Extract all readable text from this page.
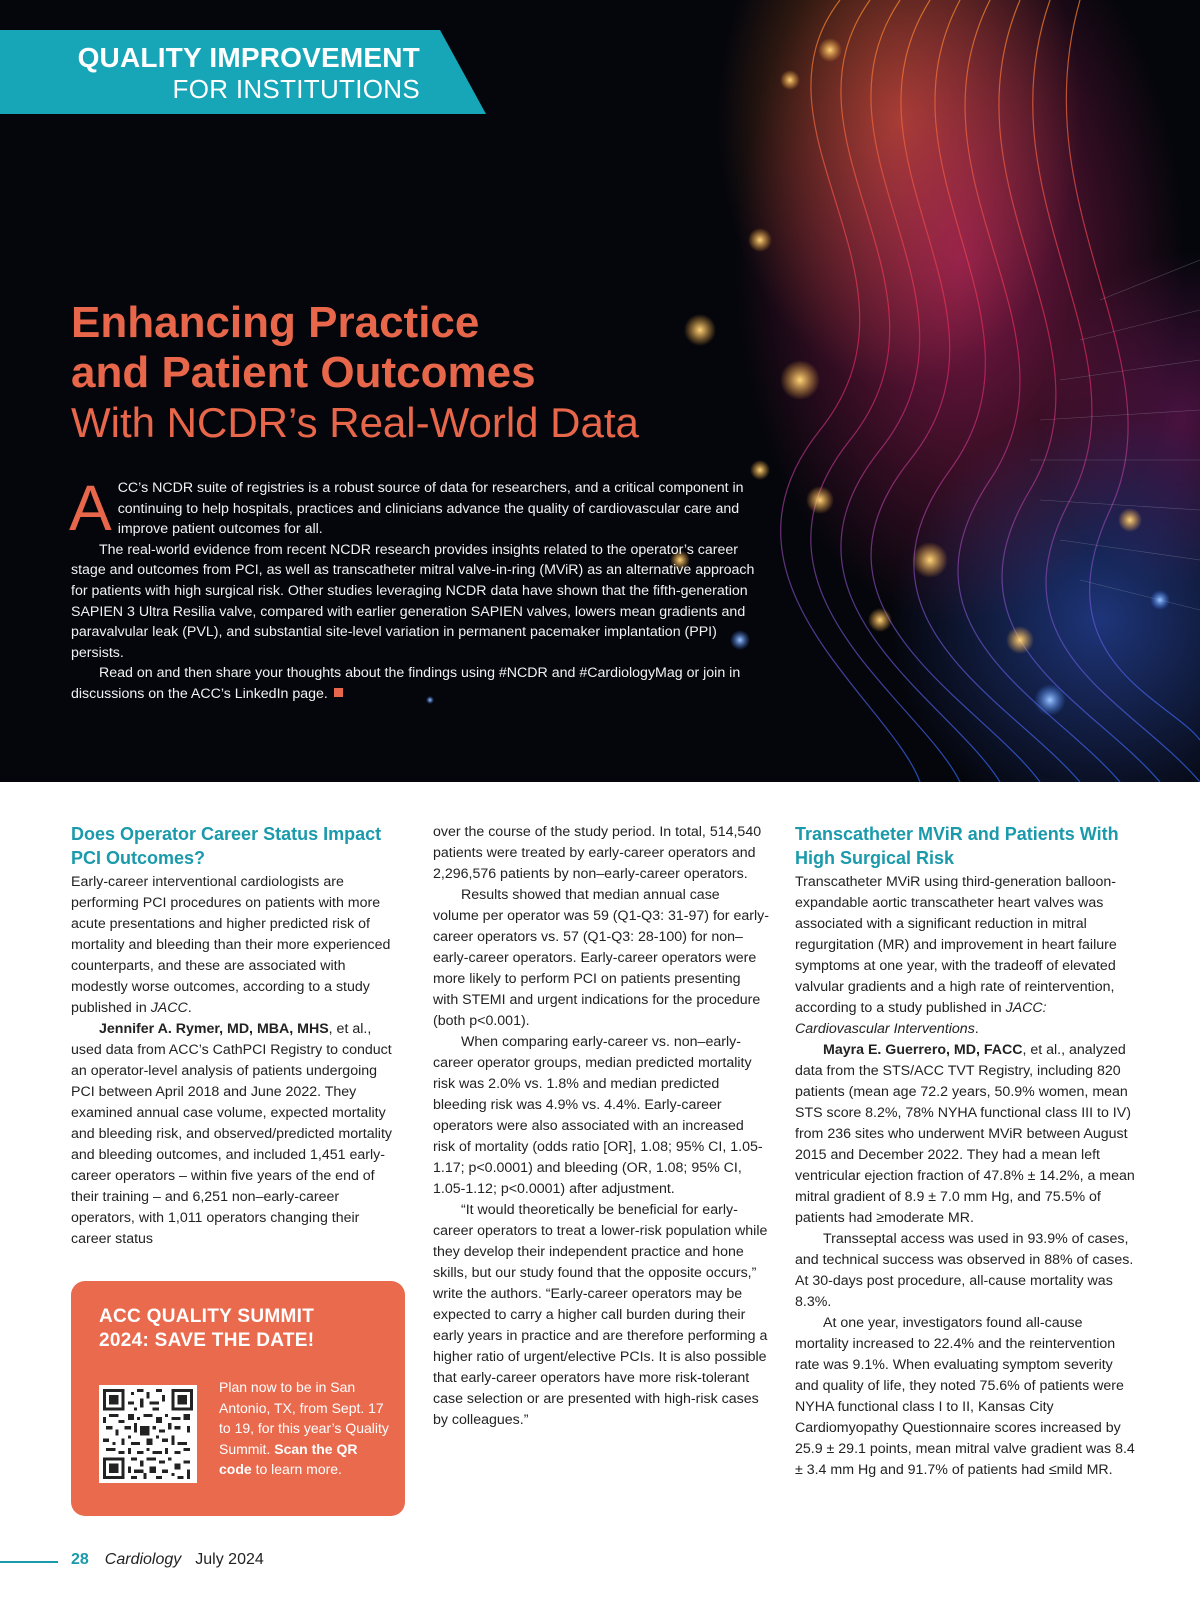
QUALITY IMPROVEMENT
FOR INSTITUTIONS
Enhancing Practice
and Patient Outcomes
With NCDR’s Real-World Data

ACC’s NCDR suite of registries is a robust source of data for researchers, and a critical component in continuing to help hospitals, practices and clinicians advance the quality of cardiovascular care and improve patient outcomes for all.

The real-world evidence from recent NCDR research provides insights related to the operator’s career stage and outcomes from PCI, as well as transcatheter mitral valve-in-ring (MViR) as an alternative approach for patients with high surgical risk. Other studies leveraging NCDR data have shown that the fifth-generation SAPIEN 3 Ultra Resilia valve, compared with earlier generation SAPIEN valves, lowers mean gradients and paravalvular leak (PVL), and substantial site-level variation in permanent pacemaker implantation (PPI) persists.

Read on and then share your thoughts about the findings using #NCDR and #CardiologyMag or join in discussions on the ACC’s LinkedIn page.

Does Operator Career Status Impact PCI Outcomes?

Early-career interventional cardiologists are performing PCI procedures on patients with more acute presentations and higher predicted risk of mortality and bleeding than their more experienced counterparts, and these are associated with modestly worse outcomes, according to a study published in JACC.

Jennifer A. Rymer, MD, MBA, MHS, et al., used data from ACC’s CathPCI Registry to conduct an operator-level analysis of patients undergoing PCI between April 2018 and June 2022. They examined annual case volume, expected mortality and bleeding risk, and observed/predicted mortality and bleeding outcomes, and included 1,451 early-career operators – within five years of the end of their training – and 6,251 non–early-career operators, with 1,011 operators changing their career status

ACC QUALITY SUMMIT
2024: SAVE THE DATE!
Plan now to be in San Antonio, TX, from Sept. 17 to 19, for this year’s Quality Summit. Scan the QR code to learn more.

over the course of the study period. In total, 514,540 patients were treated by early-career operators and 2,296,576 patients by non–early-career operators.

Results showed that median annual case volume per operator was 59 (Q1-Q3: 31-97) for early-career operators vs. 57 (Q1-Q3: 28-100) for non–early-career operators. Early-career operators were more likely to perform PCI on patients presenting with STEMI and urgent indications for the procedure (both p<0.001).

When comparing early-career vs. non–early-career operator groups, median predicted mortality risk was 2.0% vs. 1.8% and median predicted bleeding risk was 4.9% vs. 4.4%. Early-career operators were also associated with an increased risk of mortality (odds ratio [OR], 1.08; 95% CI, 1.05-1.17; p<0.0001) and bleeding (OR, 1.08; 95% CI, 1.05-1.12; p<0.0001) after adjustment.

“It would theoretically be beneficial for early-career operators to treat a lower-risk population while they develop their independent practice and hone skills, but our study found that the opposite occurs,” write the authors. “Early-career operators may be expected to carry a higher call burden during their early years in practice and are therefore performing a higher ratio of urgent/elective PCIs. It is also possible that early-career operators have more risk-tolerant case selection or are presented with high-risk cases by colleagues.”

Transcatheter MViR and Patients With High Surgical Risk

Transcatheter MViR using third-generation balloon-expandable aortic transcatheter heart valves was associated with a significant reduction in mitral regurgitation (MR) and improvement in heart failure symptoms at one year, with the tradeoff of elevated valvular gradients and a high rate of reintervention, according to a study published in JACC: Cardiovascular Interventions.

Mayra E. Guerrero, MD, FACC, et al., analyzed data from the STS/ACC TVT Registry, including 820 patients (mean age 72.2 years, 50.9% women, mean STS score 8.2%, 78% NYHA functional class III to IV) from 236 sites who underwent MViR between August 2015 and December 2022. They had a mean left ventricular ejection fraction of 47.8% ± 14.2%, a mean mitral gradient of 8.9 ± 7.0 mm Hg, and 75.5% of patients had ≥moderate MR.

Transseptal access was used in 93.9% of cases, and technical success was observed in 88% of cases. At 30-days post procedure, all-cause mortality was 8.3%.

At one year, investigators found all-cause mortality increased to 22.4% and the reintervention rate was 9.1%. When evaluating symptom severity and quality of life, they noted 75.6% of patients were NYHA functional class I to II, Kansas City Cardiomyopathy Questionnaire scores increased by 25.9 ± 29.1 points, mean mitral valve gradient was 8.4 ± 3.4 mm Hg and 91.7% of patients had ≤mild MR.

28 Cardiology July 2024
